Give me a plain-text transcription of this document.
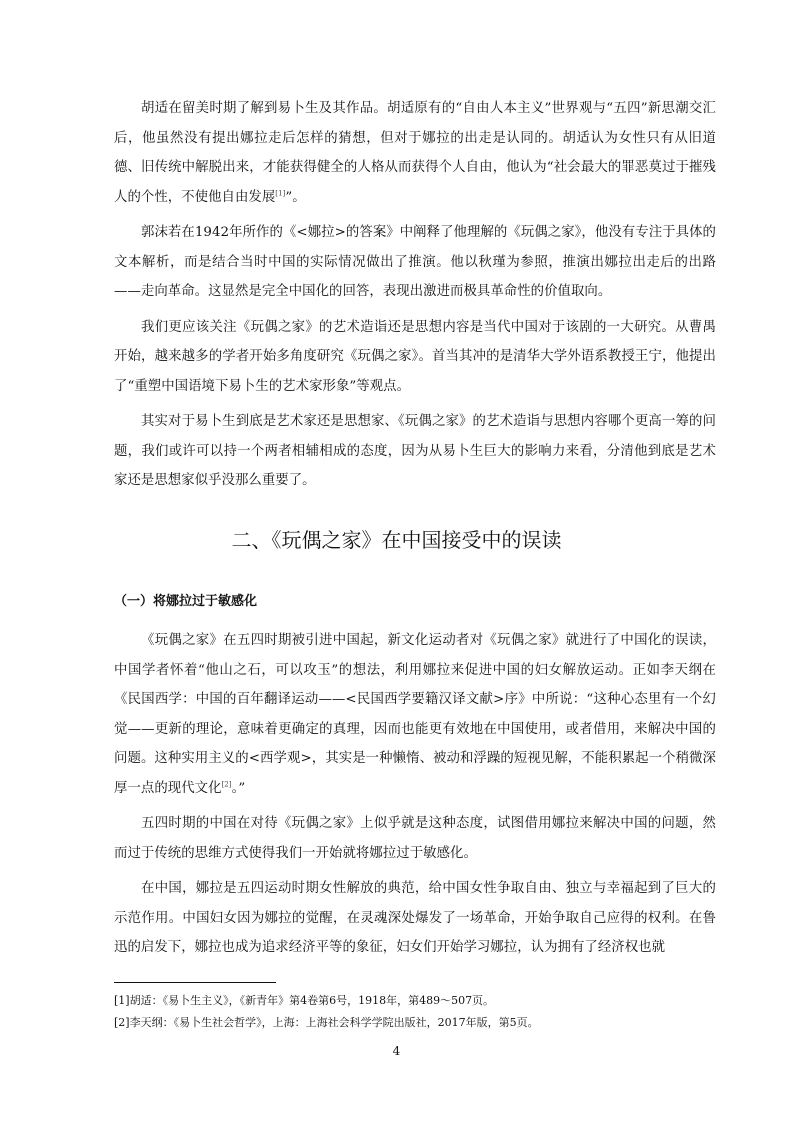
胡适在留美时期了解到易卜生及其作品。胡适原有的“自由人本主义”世界观与“五四”新思潮交汇后，他虽然没有提出娜拉走后怎样的猜想，但对于娜拉的出走是认同的。胡适认为女性只有从旧道德、旧传统中解脱出来，才能获得健全的人格从而获得个人自由，他认为“社会最大的罪恶莫过于摧残人的个性，不使他自由发展[1]”。

郭沫若在1942年所作的《<娜拉>的答案》中阐释了他理解的《玩偶之家》，他没有专注于具体的文本解析，而是结合当时中国的实际情况做出了推演。他以秋瑾为参照，推演出娜拉出走后的出路——走向革命。这显然是完全中国化的回答，表现出激进而极具革命性的价值取向。

我们更应该关注《玩偶之家》的艺术造诣还是思想内容是当代中国对于该剧的一大研究。从曹禺开始，越来越多的学者开始多角度研究《玩偶之家》。首当其冲的是清华大学外语系教授王宁，他提出了“重塑中国语境下易卜生的艺术家形象”等观点。

其实对于易卜生到底是艺术家还是思想家、《玩偶之家》的艺术造诣与思想内容哪个更高一筹的问题，我们或许可以持一个两者相辅相成的态度，因为从易卜生巨大的影响力来看，分清他到底是艺术家还是思想家似乎没那么重要了。

二、《玩偶之家》在中国接受中的误读
（一）将娜拉过于敏感化

《玩偶之家》在五四时期被引进中国起，新文化运动者对《玩偶之家》就进行了中国化的误读，中国学者怀着“他山之石，可以攻玉”的想法，利用娜拉来促进中国的妇女解放运动。正如李天纲在《民国西学：中国的百年翻译运动——<民国西学要籍汉译文献>序》中所说：“这种心态里有一个幻觉——更新的理论，意味着更确定的真理，因而也能更有效地在中国使用，或者借用，来解决中国的问题。这种实用主义的<西学观>，其实是一种懒惰、被动和浮躁的短视见解，不能积累起一个稍微深厚一点的现代文化[2]。”

五四时期的中国在对待《玩偶之家》上似乎就是这种态度，试图借用娜拉来解决中国的问题，然而过于传统的思维方式使得我们一开始就将娜拉过于敏感化。

在中国，娜拉是五四运动时期女性解放的典范，给中国女性争取自由、独立与幸福起到了巨大的示范作用。中国妇女因为娜拉的觉醒，在灵魂深处爆发了一场革命，开始争取自己应得的权利。在鲁迅的启发下，娜拉也成为追求经济平等的象征，妇女们开始学习娜拉，认为拥有了经济权也就

[1]胡适：《易卜生主义》，《新青年》第4卷第6号，1918年，第489～507页。

[2]李天纲：《易卜生社会哲学》，上海：上海社会科学学院出版社，2017年版，第5页。

4
